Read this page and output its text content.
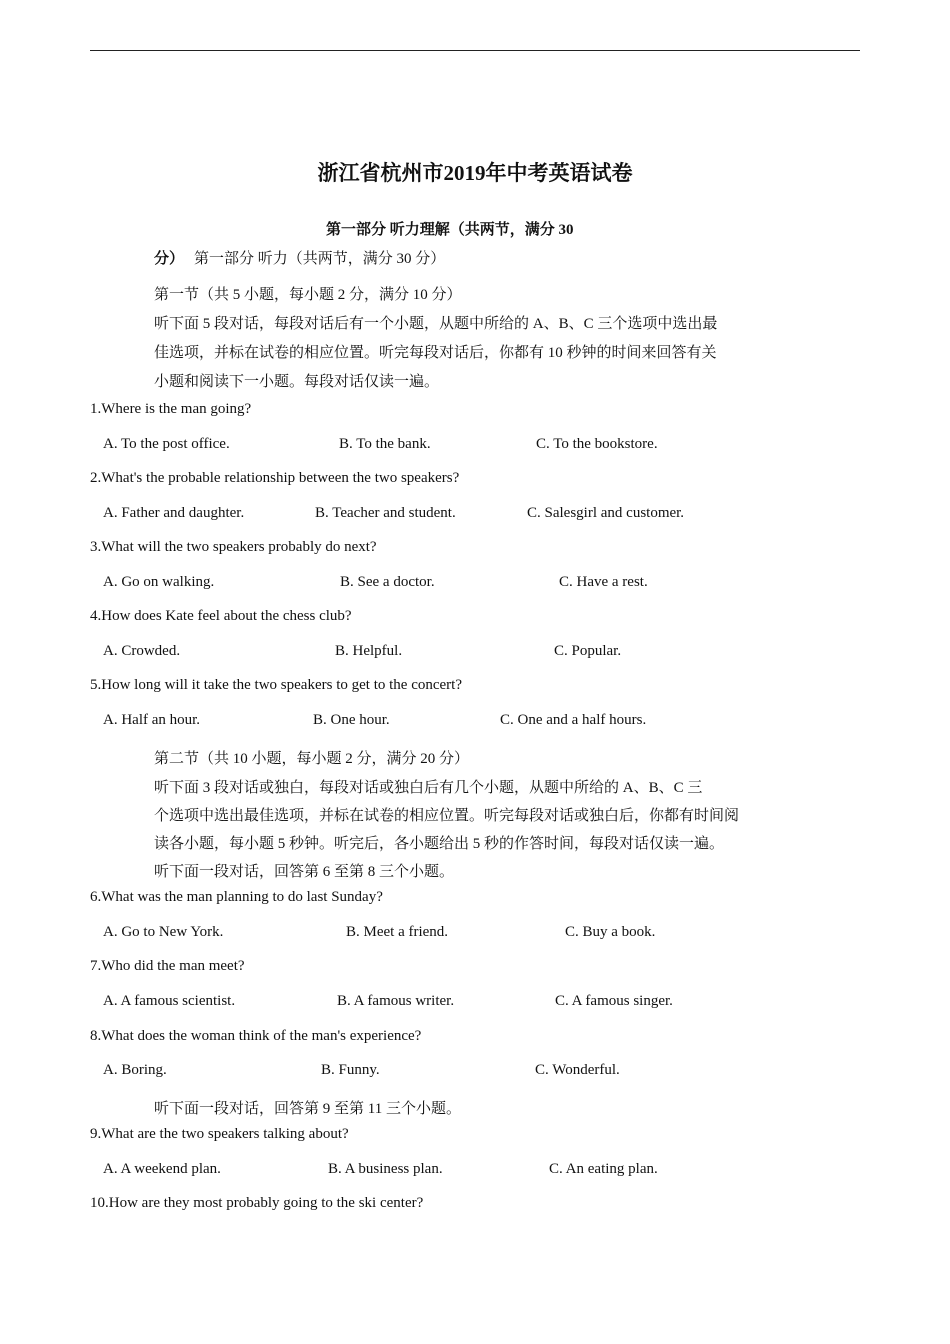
浙江省杭州市2019年中考英语试卷
第一部分 听力理解（共两节，满分 30
分） 第一部分 听力（共两节，满分 30 分）
第一节（共 5 小题，每小题 2 分，满分 10 分）
听下面 5 段对话，每段对话后有一个小题，从题中所给的 A、B、C 三个选项中选出最
佳选项，并标在试卷的相应位置。听完每段对话后，你都有 10 秒钟的时间来回答有关
小题和阅读下一小题。每段对话仅读一遍。
1.Where is the man going?
A. To the post office.	B. To the bank.	C. To the bookstore.
2.What's the probable relationship between the two speakers?
A. Father and daughter.	B. Teacher and student.	C. Salesgirl and customer.
3.What will the two speakers probably do next?
A. Go on walking.	B. See a doctor.	C. Have a rest.
4.How does Kate feel about the chess club?
A. Crowded.	B. Helpful.	C. Popular.
5.How long will it take the two speakers to get to the concert?
A. Half an hour.	B. One hour.	C. One and a half hours.
第二节（共 10 小题，每小题 2 分，满分 20 分）
听下面 3 段对话或独白，每段对话或独白后有几个小题，从题中所给的 A、B、C 三
个选项中选出最佳选项，并标在试卷的相应位置。听完每段对话或独白后，你都有时间阅
读各小题，每小题 5 秒钟。听完后，各小题给出 5 秒的作答时间，每段对话仅读一遍。
听下面一段对话，回答第 6 至第 8 三个小题。
6.What was the man planning to do last Sunday?
A. Go to New York.	B. Meet a friend.	C. Buy a book.
7.Who did the man meet?
A. A famous scientist.	B. A famous writer.	C. A famous singer.
8.What does the woman think of the man's experience?
A. Boring.	B. Funny.	C. Wonderful.
听下面一段对话，回答第 9 至第 11 三个小题。
9.What are the two speakers talking about?
A. A weekend plan.	B. A business plan.	C. An eating plan.
10.How are they most probably going to the ski center?
